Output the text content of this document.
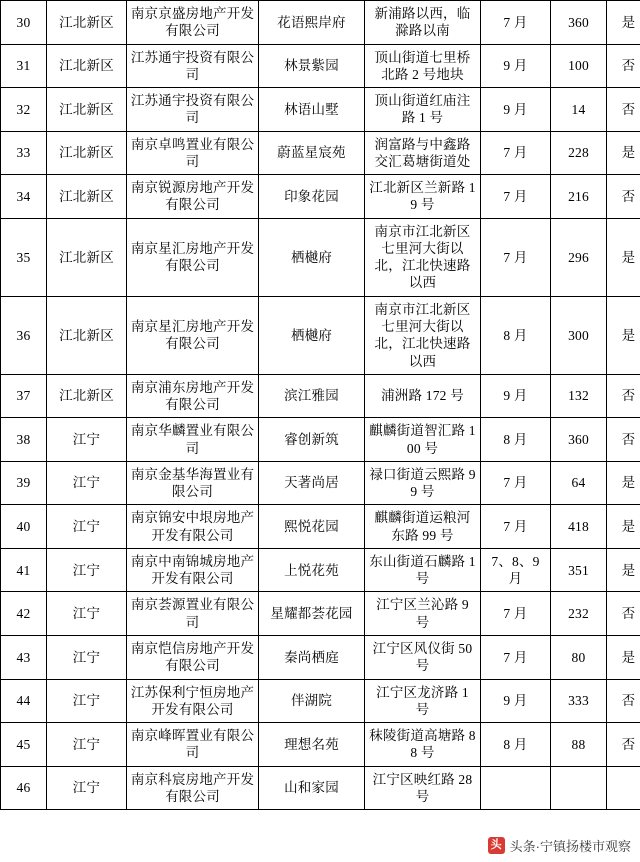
30	江北新区	南京京盛房地产开发有限公司	花语熙岸府	新浦路以西，临滁路以南	7 月	360	是
31	江北新区	江苏通宇投资有限公司	林景紫园	顶山街道七里桥北路 2 号地块	9 月	100	否
32	江北新区	江苏通宇投资有限公司	林语山墅	顶山街道红庙注路 1 号	9 月	14	否
33	江北新区	南京卓鸣置业有限公司	蔚蓝星宸苑	润富路与中鑫路交汇葛塘街道处	7 月	228	是
34	江北新区	南京锐源房地产开发有限公司	印象花园	江北新区兰新路 19 号	7 月	216	否
35	江北新区	南京星汇房地产开发有限公司	栖樾府	南京市江北新区七里河大街以北，江北快速路以西	7 月	296	是
36	江北新区	南京星汇房地产开发有限公司	栖樾府	南京市江北新区七里河大街以北，江北快速路以西	8 月	300	是
37	江北新区	南京浦东房地产开发有限公司	滨江雅园	浦洲路 172 号	9 月	132	否
38	江宁	南京华麟置业有限公司	睿创新筑	麒麟街道智汇路 100 号	8 月	360	否
39	江宁	南京金基华海置业有限公司	天著尚居	禄口街道云熙路 99 号	7 月	64	是
40	江宁	南京锦安中垠房地产开发有限公司	熙悦花园	麒麟街道运粮河东路 99 号	7 月	418	是
41	江宁	南京中南锦城房地产开发有限公司	上悦花苑	东山街道石麟路 1 号	7、8、9 月	351	是
42	江宁	南京荟源置业有限公司	星耀都荟花园	江宁区兰沁路 9 号	7 月	232	否
43	江宁	南京恺信房地产开发有限公司	秦尚栖庭	江宁区风仪街 50 号	7 月	80	是
44	江宁	江苏保利宁恒房地产开发有限公司	伴湖院	江宁区龙济路 1 号	9 月	333	否
45	江宁	南京峰晖置业有限公司	理想名苑	秣陵街道高塘路 88 号	8 月	88	否
46	江宁	南京科宸房地产开发有限公司	山和家园	江宁区映红路 28 号			
头 头条·宁镇扬楼市观察
